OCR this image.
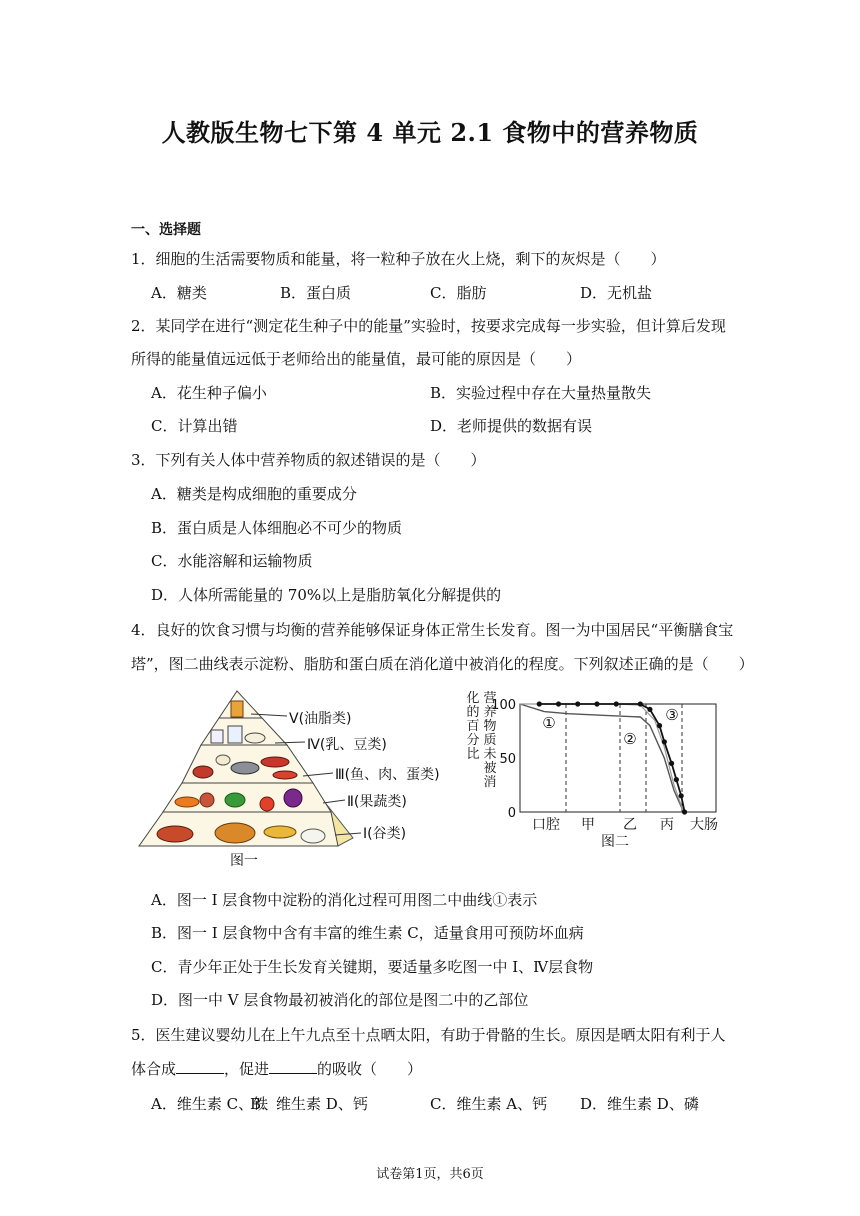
人教版生物七下第 4 单元 2.1 食物中的营养物质
一、选择题
1．细胞的生活需要物质和能量，将一粒种子放在火上烧，剩下的灰烬是（　　）
A．糖类	B．蛋白质	C．脂肪	D．无机盐
2．某同学在进行“测定花生种子中的能量”实验时，按要求完成每一步实验，但计算后发现
所得的能量值远远低于老师给出的能量值，最可能的原因是（　　）
A．花生种子偏小	B．实验过程中存在大量热量散失
C．计算出错	D．老师提供的数据有误
3．下列有关人体中营养物质的叙述错误的是（　　）
A．糖类是构成细胞的重要成分
B．蛋白质是人体细胞必不可少的物质
C．水能溶解和运输物质
D．人体所需能量的 70%以上是脂肪氧化分解提供的
4．良好的饮食习惯与均衡的营养能够保证身体正常生长发育。图一为中国居民“平衡膳食宝
塔”，图二曲线表示淀粉、脂肪和蛋白质在消化道中被消化的程度。下列叙述正确的是（　　）
V(油脂类)
Ⅳ(乳、豆类)
Ⅲ(鱼、肉、蛋类)
Ⅱ(果蔬类)
I(谷类)
图一
100
50
0
口腔 甲 乙 丙 大肠
营
养
物
质
未
被
消
化
的
百
分
比
①
②
③
图二
A．图一 I 层食物中淀粉的消化过程可用图二中曲线①表示
B．图一 I 层食物中含有丰富的维生素 C，适量食用可预防坏血病
C．青少年正处于生长发育关键期，要适量多吃图一中 I、Ⅳ层食物
D．图一中 V 层食物最初被消化的部位是图二中的乙部位
5．医生建议婴幼儿在上午九点至十点晒太阳，有助于骨骼的生长。原因是晒太阳有利于人
体合成	，促进	的吸收（　　）
A．维生素 C、铁
B．维生素 D、钙	C．维生素 A、钙 D．维生素 D、磷
试卷第1页，共6页
